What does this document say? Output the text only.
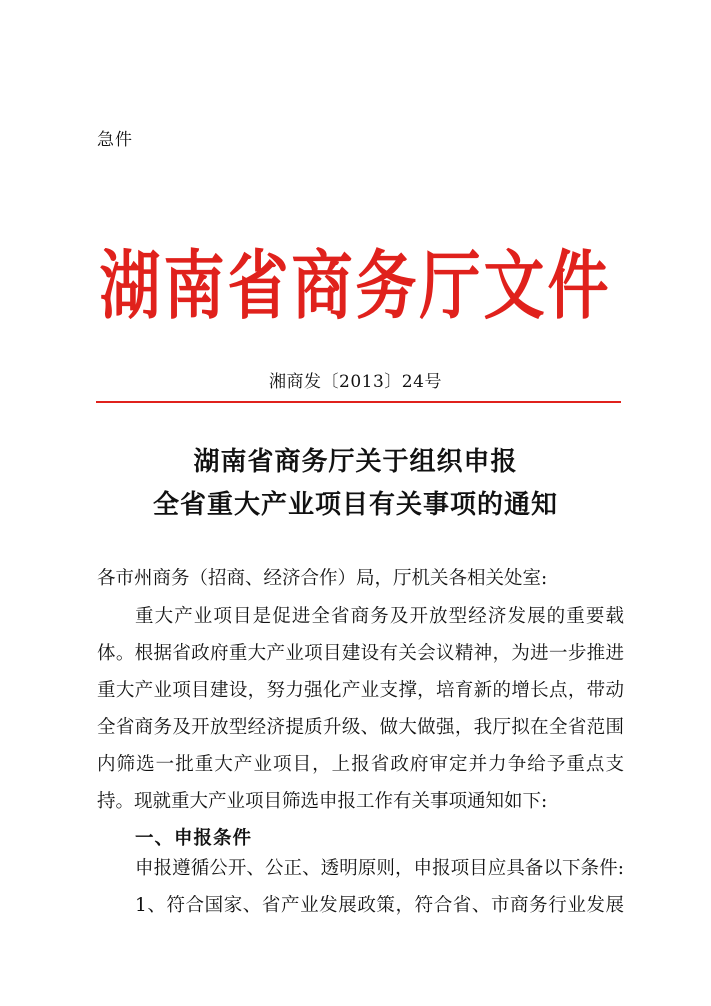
急件
湖南省商务厅文件
湘商发〔2013〕24号
湖南省商务厅关于组织申报
全省重大产业项目有关事项的通知
各市州商务（招商、经济合作）局，厅机关各相关处室:
重大产业项目是促进全省商务及开放型经济发展的重要载
体。根据省政府重大产业项目建设有关会议精神，为进一步推进
重大产业项目建设，努力强化产业支撑，培育新的增长点，带动
全省商务及开放型经济提质升级、做大做强，我厅拟在全省范围
内筛选一批重大产业项目，上报省政府审定并力争给予重点支
持。现就重大产业项目筛选申报工作有关事项通知如下:
一、申报条件
申报遵循公开、公正、透明原则，申报项目应具备以下条件:
1、符合国家、省产业发展政策，符合省、市商务行业发展
